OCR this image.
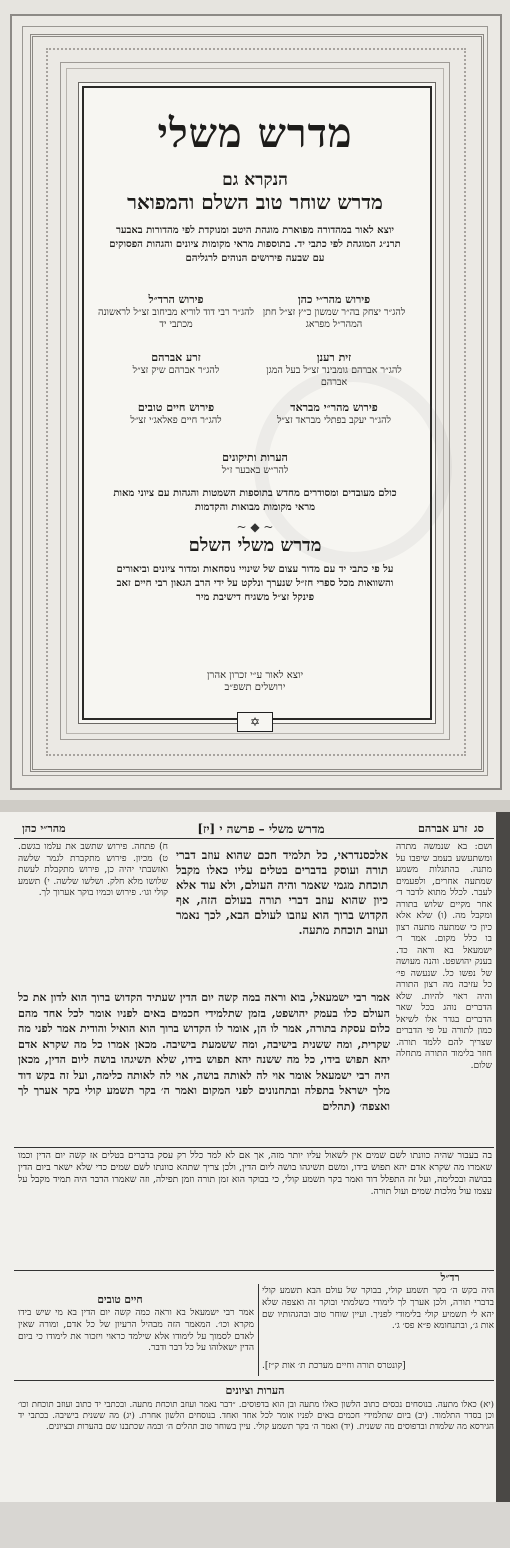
מדרש משלי
הנקרא גם
מדרש שוחר טוב השלם והמפואר
יוצא לאור במהדורה מפוארת מוגהת היטב ומנוקדת לפי מהדורות באבער תרנ״ג המוגהת לפי כתבי יד. בתוספות מראי מקומות ציונים והגהות הפסוקים עם שבעה פירושים הנוהים לרגליהם
פירוש מהר״י כהן
להג״ר יצחק בה״ר שמשון כ״ץ זצ״ל חתן המהר״ל מפראג
פירוש הרד״ל
להג״ר רבי דוד לוריא מביחוב זצ״ל לראשונה מכתבי יד
זית רענן
להג״ר אברהם גומבינר זצ״ל בעל המגן אברהם
זרע אברהם
להג״ר אברהם שיק זצ״ל
פירוש מהר״י מבראד
להג״ר יעקב בפתלי מבראד זצ״ל
פירוש חיים טובים
להג״ר חיים פאלאג׳י זצ״ל
הערות ותיקונים
להר״ש באבער ז״ל
כולם מעובדים ומסודרים מחדש בתוספות השמטות והגהות עם ציוני מאות מראי מקומות מבואות והקדמות
~ ◆ ~
מדרש משלי השלם
על פי כתבי יד עם מדור עצום של שינויי נוסחאות ומדור ציונים וביאורים והשוואות מכל ספרי חז״ל שנערך ונלקט על ידי הרב הגאון רבי חיים זאב פינקל זצ״ל משגיח דישיבת מיר
יוצא לאור ע״י זכרון אהרן ירושלים תשפ״ב
✡
מהר״י כהן	מדרש משלי – פרשה י [יז]	זרע אברהם סג
ח) פתחה. פירוש שתשב את עלמו בגשם. ט) מכיון. פירוש מתקברת לגמר שלשה ואזשבתי יהיה כן, פירוש מתקבלת לעשת שלושו מלא חלק. ושלשו שלשה. י) תשמע קולי וגו׳. פירוש וכמיו בוקר אערוך לך.
אלכסנדראי, כל תלמיד חכם שהוא עוזב דברי תורה ועוסק בדברים בטלים עליו כאלו מקבל תוכחת מגמי שאמר והיה העולם, ולא עוד אלא כיון שהוא עוזב דברי תורה בעולם הזה, אף הקדוש ברוך הוא עוזבו לעולם הבא, לכך נאמר ועוזב תוכחת מתעה.
ושם: בא שנמשה מתרה ומשתעשע בעמב שיפבו על מתנה. בהתגלות משמע שמתעה אחרים, ולפעמים לעבר. לכלל מתוא לדבר ד׳ אחר מקיים שלוש בתורה ומקבל מה. (ו) שלא אלא כיון כי שמתעה מתעה רצון בו כלל מקום. אמר ר׳ ישמעאל בא וראה כד. בענק יהושפט. והנה מעושה של נפשו כל. שנעשה פי׳ כל עזיבה מה רצון התורה והיה ראוי להיות. שלא הדברים נוהג בכל שאר הדברים בגדר אלו לשיאל כמון לתורה על פי הדברים שצריך להם ללמד תורה. חוזר בלימוד התורה מתחלה שלום.
אמר רבי ישמעאל, בוא וראה במה קשה יום הדין שעתיד הקדוש ברוך הוא לדון את כל העולם כלו בעמק יהושפט, בזמן שתלמידי חכמים באים לפניו אומר לכל אחד מהם כלום עסקת בתורה, אמר לו הן, אומר לו הקדוש ברוך הוא הואיל והודית אמר לפני מה שקרית, ומה ששנית בישיבה, ומה ששמעת בישיבה. מכאן אמרו כל מה שקרא אדם יהא תפוש בידו, כל מה ששנה יהא תפוש בידו, שלא תשיגהו בושה ליום הדין, מכאן היה רבי ישמעאל אומר אוי לה לאותה בושה, אוי לה לאותה כלימה, ועל זה בקש דוד מלך ישראל בתפלה ובתחנונים לפני המקום ואמר ה׳ בקר תשמע קולי בקר אערך לך ואצפה׳ (תהלים
בה בעבור שהיה כוונתו לשם שמים אין לשאול עליו יותר מזה, אך אם לא למד כלל רק עסק בדברים בטלים אז קשה יום הדין וכמו שאמרו מה שקרא אדם יהא תפוש בידו, ומשם תשיגהו בושה ליום הדין, ולכן צריך שתהא כוונתו לשם שמים כדי שלא ישאר ביום הדין בבושה ובכלימה, ועל זה התפלל דוד ואמר בקר תשמע קולי, כי בבוקר הוא זמן תורה וזמן תפילה, וזה שאמרו הדבר היה תמיד מקבל על עצמו עול מלכות שמים ועול תורה.
רד״ל
היה בקש ה׳ בקר תשמע קולי, בבוקר של עולם הבא תשמע קולי בדברי תורה, ולכן אערך לך לימודי כשלמתי ובוקר זה ואצפה שלא יהא לי תשמיע קולי בלימודי לפניך. ועיין שוחר טוב ובהגהותיו שם אות ג׳, ובתנחומא פ״א פס׳ ג׳.
חיים טובים
אמר רבי ישמעאל בא וראה כמה קשה יום הדין בא מי שיש בידו מקרא וכו׳. המאמר הזה מבהיל הרעיון של כל אדם, ומורה שאין לאדם לסמוך על לימודו אלא שילמד כראוי ויזכור את לימודו כי ביום הדין ישאלוהו על כל דבר ודבר.
[קונטרס תורה וחיים מערכת ת׳ אות ק״ז].
הערות וציונים
(יא) כאלו מתעה. בנוסחים נכסים כתוב הלשון כאלו מתעה ובן הוא בדפוסים. ״דבר נאמר ועוזב תוכחת מתעה. ובכתבי יד כתוב ועוזב תוכחת וכו׳ וכן בסדר התלמוד. (יב) ביום שתלמידי חכמים באים לפניו אומר לכל אחד ואחד. בנוסחים הלשון אחרת. (יג) מה ששנית בישיבה. בכתבי יד הגירסא מה שלמדת ובדפוסים מה ששנית. (יד) ואמר ה׳ בקר תשמע קולי. עיין בשוחר טוב תהלים ה׳ ובמה שכתבנו שם בהערות ובציונים.
